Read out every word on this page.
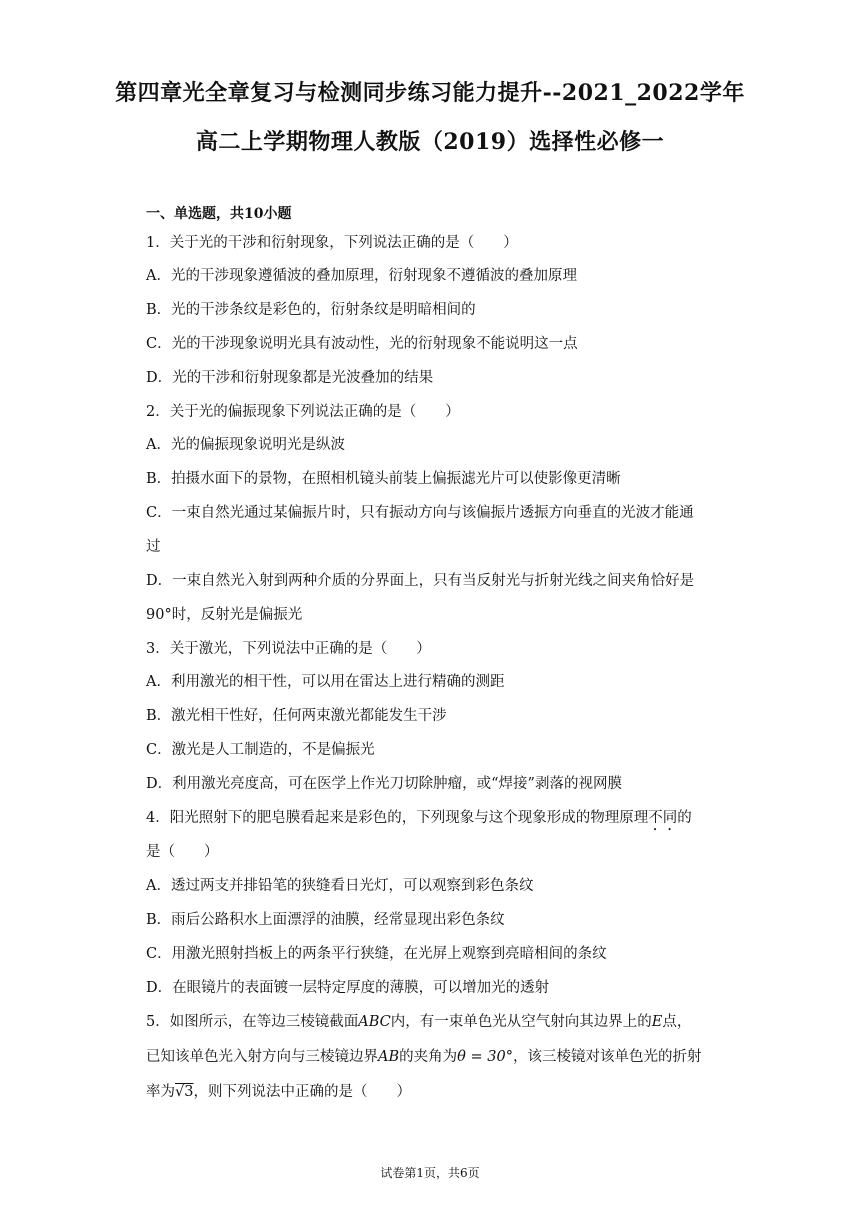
第四章光全章复习与检测同步练习能力提升--2021_2022学年
高二上学期物理人教版（2019）选择性必修一
一、单选题，共10小题
1．关于光的干涉和衍射现象，下列说法正确的是（　　）
A．光的干涉现象遵循波的叠加原理，衍射现象不遵循波的叠加原理
B．光的干涉条纹是彩色的，衍射条纹是明暗相间的
C．光的干涉现象说明光具有波动性，光的衍射现象不能说明这一点
D．光的干涉和衍射现象都是光波叠加的结果
2．关于光的偏振现象下列说法正确的是（　　）
A．光的偏振现象说明光是纵波
B．拍摄水面下的景物，在照相机镜头前装上偏振滤光片可以使影像更清晰
C．一束自然光通过某偏振片时，只有振动方向与该偏振片透振方向垂直的光波才能通
过
D．一束自然光入射到两种介质的分界面上，只有当反射光与折射光线之间夹角恰好是
90°时，反射光是偏振光
3．关于激光，下列说法中正确的是（　　）
A．利用激光的相干性，可以用在雷达上进行精确的测距
B．激光相干性好，任何两束激光都能发生干涉
C．激光是人工制造的，不是偏振光
D．利用激光亮度高，可在医学上作光刀切除肿瘤，或“焊接”剥落的视网膜
4．阳光照射下的肥皂膜看起来是彩色的，下列现象与这个现象形成的物理原理不同的
是（　　）
A．透过两支并排铅笔的狭缝看日光灯，可以观察到彩色条纹
B．雨后公路积水上面漂浮的油膜，经常显现出彩色条纹
C．用激光照射挡板上的两条平行狭缝，在光屏上观察到亮暗相间的条纹
D．在眼镜片的表面镀一层特定厚度的薄膜，可以增加光的透射
5．如图所示，在等边三棱镜截面ABC内，有一束单色光从空气射向其边界上的E点，
已知该单色光入射方向与三棱镜边界AB的夹角为θ = 30°，该三棱镜对该单色光的折射
率为√3，则下列说法中正确的是（　　）
试卷第1页，共6页
